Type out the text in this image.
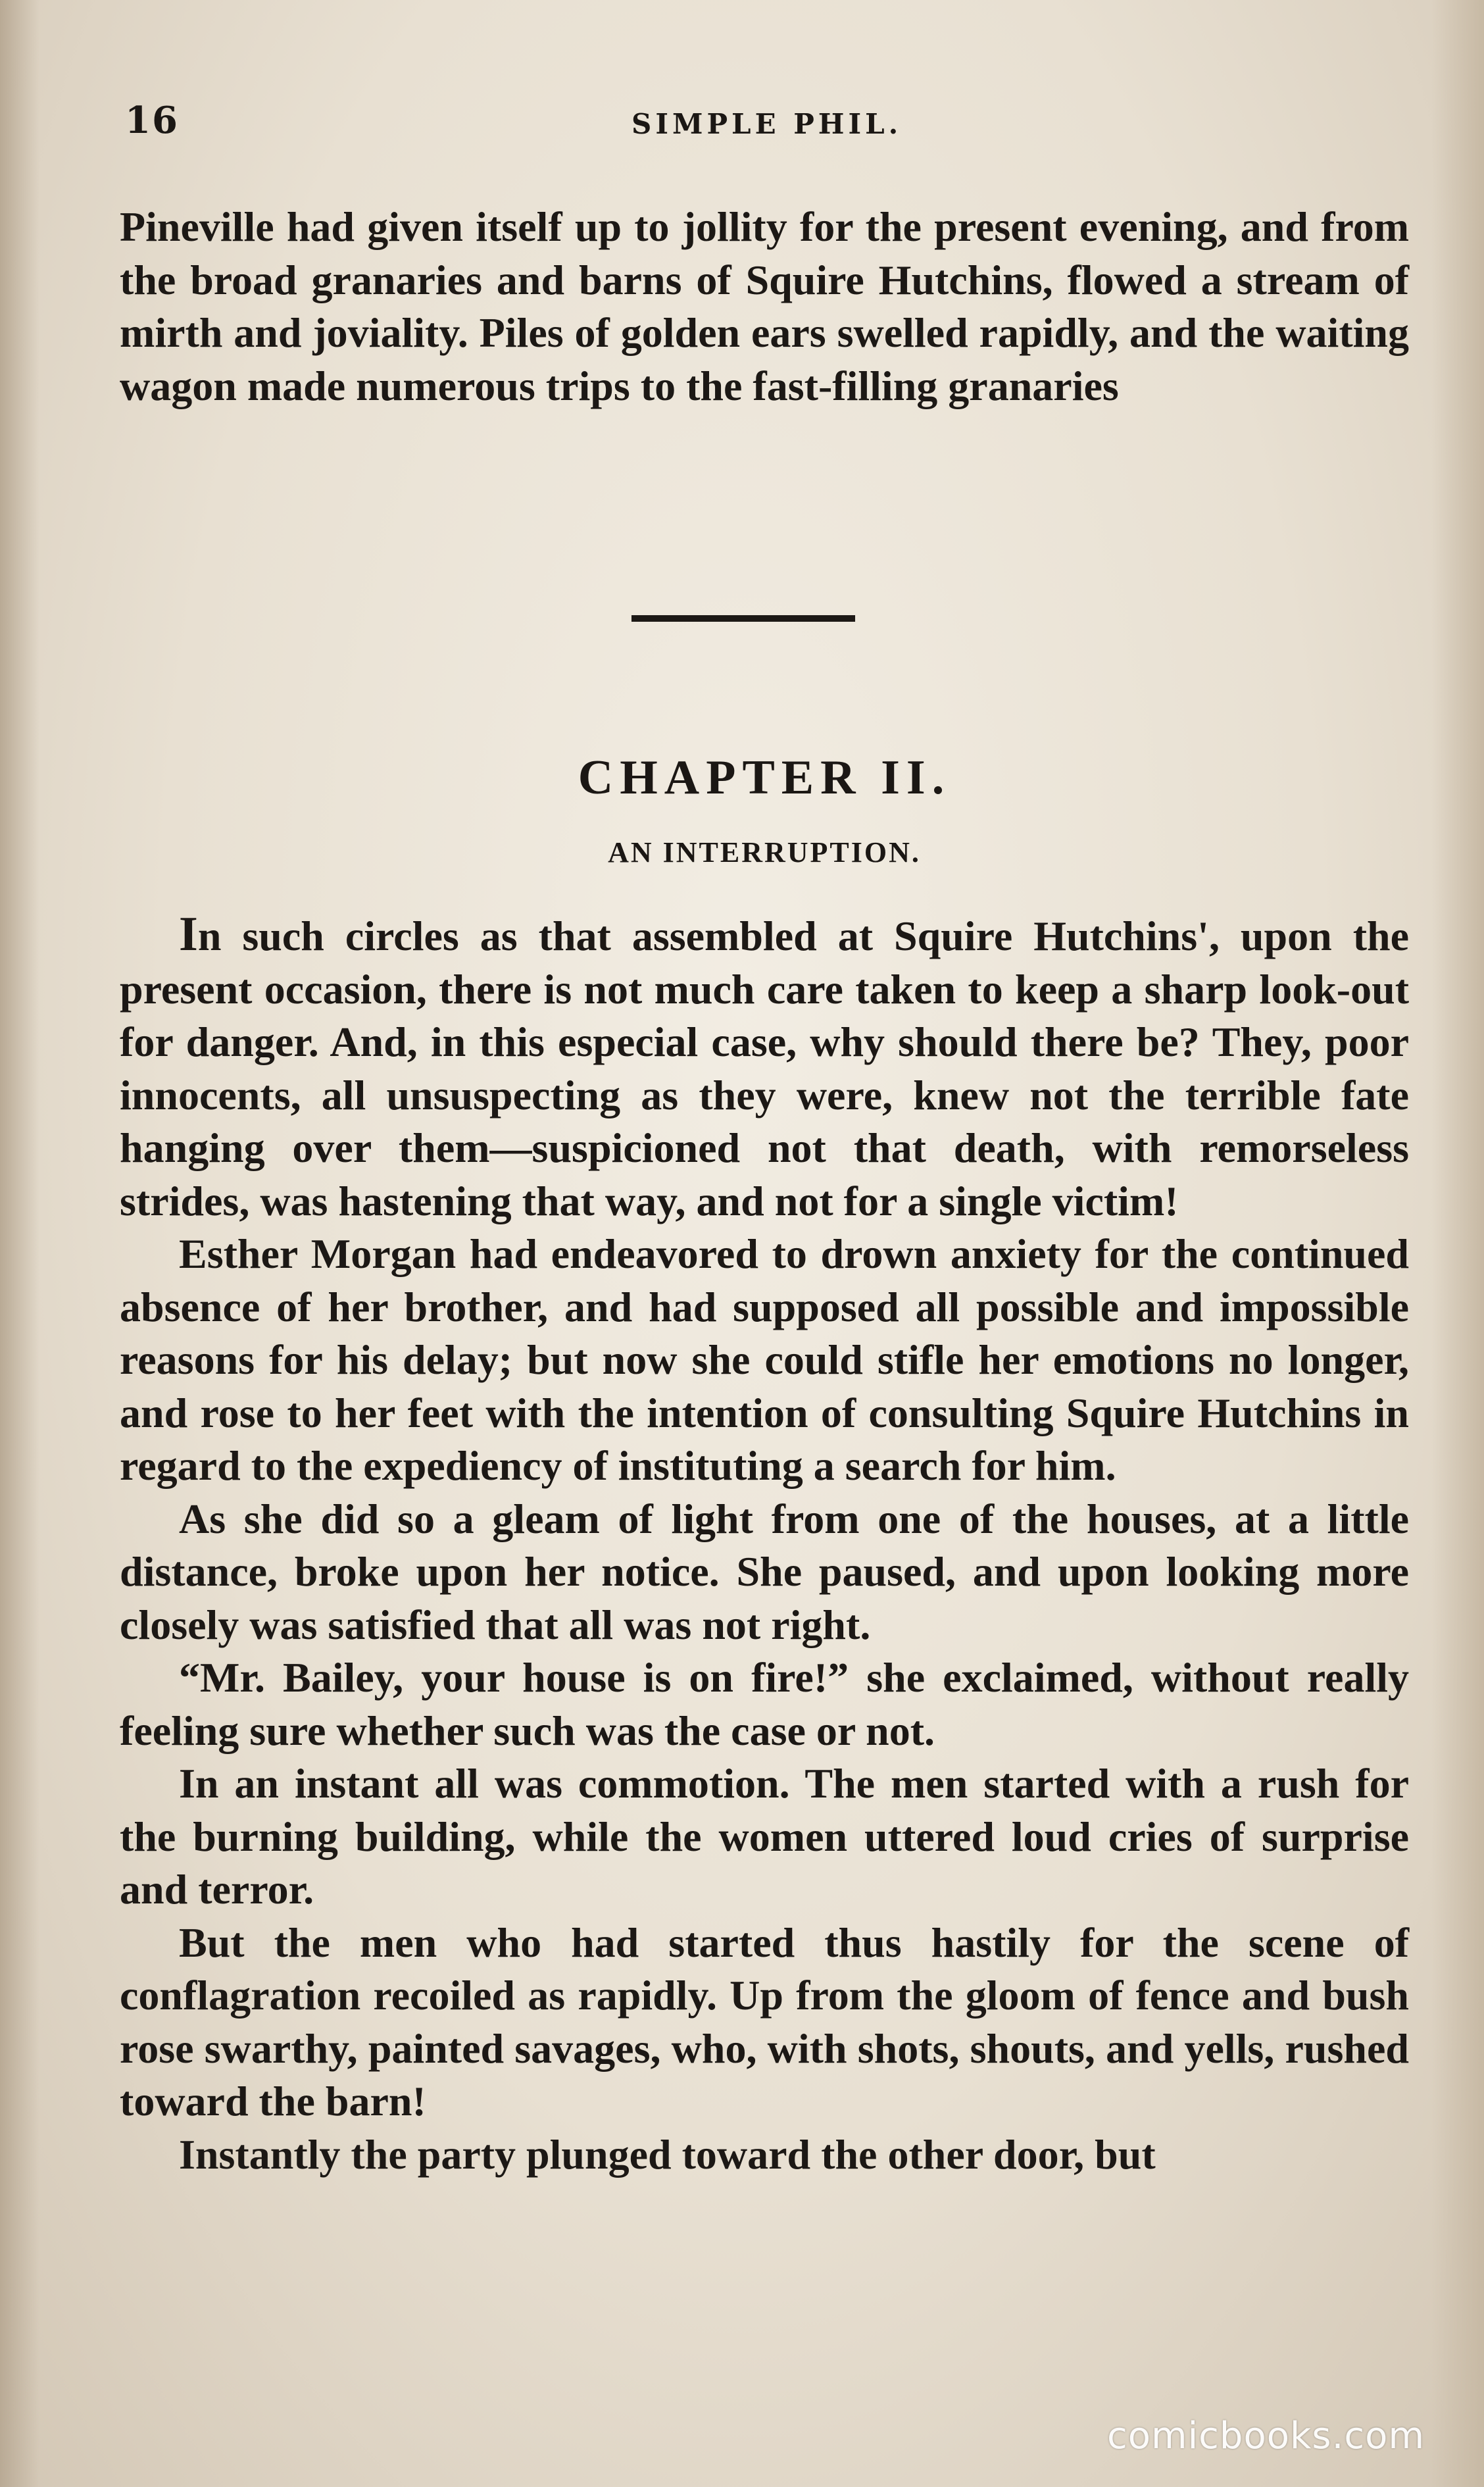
16	SIMPLE PHIL.
Pineville had given itself up to jollity for the present evening, and from the broad granaries and barns of Squire Hutchins, flowed a stream of mirth and joviality. Piles of golden ears swelled rapidly, and the waiting wagon made numerous trips to the fast-filling granaries
CHAPTER II.
AN INTERRUPTION.

In such circles as that assembled at Squire Hutchins', upon the present occasion, there is not much care taken to keep a sharp look-out for danger. And, in this especial case, why should there be? They, poor innocents, all unsuspecting as they were, knew not the terrible fate hanging over them—suspicioned not that death, with remorseless strides, was hastening that way, and not for a single victim!

Esther Morgan had endeavored to drown anxiety for the continued absence of her brother, and had supposed all possible and impossible reasons for his delay; but now she could stifle her emotions no longer, and rose to her feet with the intention of consulting Squire Hutchins in regard to the expediency of instituting a search for him.

As she did so a gleam of light from one of the houses, at a little distance, broke upon her notice. She paused, and upon looking more closely was satisfied that all was not right.

“Mr. Bailey, your house is on fire!” she exclaimed, without really feeling sure whether such was the case or not.

In an instant all was commotion. The men started with a rush for the burning building, while the women uttered loud cries of surprise and terror.

But the men who had started thus hastily for the scene of conflagration recoiled as rapidly. Up from the gloom of fence and bush rose swarthy, painted savages, who, with shots, shouts, and yells, rushed toward the barn!

Instantly the party plunged toward the other door, but

comicbooks.com
